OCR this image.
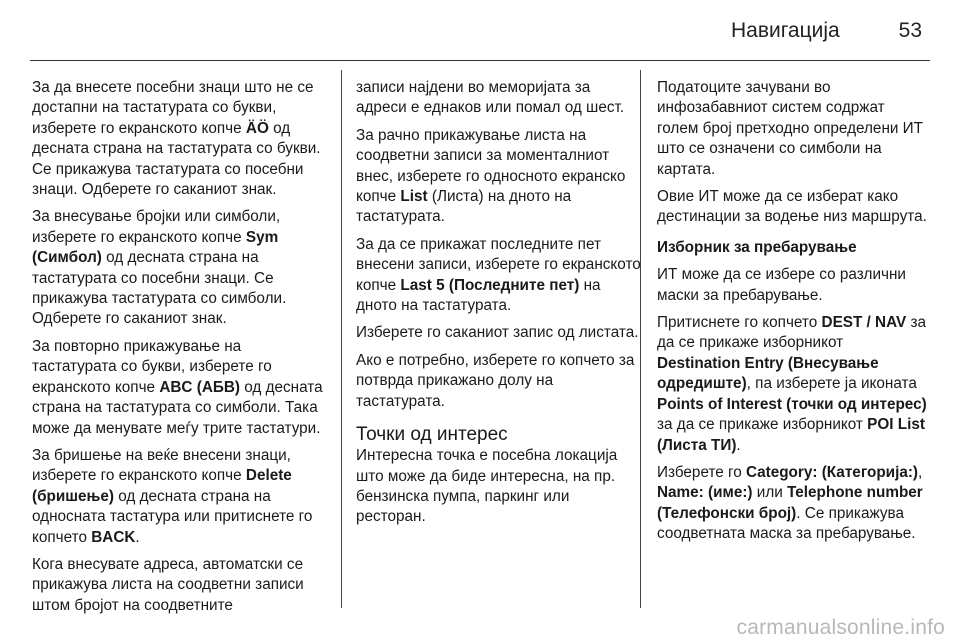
Навигација	53

За да внесете посебни знаци што не се достапни на тастатурата со букви, изберете го екранското копче ÄÖ од десната страна на тастатурата со букви. Се прикажува тастатурата со посебни знаци. Одберете го саканиот знак.

За внесување бројки или симболи, изберете го екранското копче Sym (Симбол) од десната страна на тастатурата со посебни знаци. Се прикажува тастатурата со симболи. Одберете го саканиот знак.

За повторно прикажување на тастатурата со букви, изберете го екранското копче ABC (АБВ) од десната страна на тастатурата со симболи. Така може да менувате меѓу трите тастатури.

За бришење на веќе внесени знаци, изберете го екранското копче Delete (бришење) од десната страна на односната тастатура или притиснете го копчето BACK.

Кога внесувате адреса, автоматски се прикажува листа на соодветни записи штом бројот на соодветните

записи најдени во меморијата за адреси е еднаков или помал од шест.

За рачно прикажување листа на соодветни записи за моменталниот внес, изберете го односното екранско копче List (Листа) на дното на тастатурата.

За да се прикажат последните пет внесени записи, изберете го екранското копче Last 5 (Последните пет) на дното на тастатурата.

Изберете го саканиот запис од листата.

Ако е потребно, изберете го копчето за потврда прикажано долу на тастатурата.

Точки од интерес

Интересна точка е посебна локација што може да биде интересна, на пр. бензинска пумпа, паркинг или ресторан.

Податоците зачувани во инфозабавниот систем содржат голем број претходно определени ИТ што се означени со симболи на картата.

Овие ИТ може да се изберат како дестинации за водење низ маршрута.

Изборник за пребарување

ИТ може да се избере со различни маски за пребарување.

Притиснете го копчето DEST / NAV за да се прикаже изборникот Destination Entry (Внесување одредиште), па изберете ја иконата Points of Interest (точки од интерес) за да се прикаже изборникот POI List (Листа ТИ).

Изберете го Category: (Категорија:), Name: (име:) или Telephone number (Телефонски број). Се прикажува соодветната маска за пребарување.

carmanualsonline.info
